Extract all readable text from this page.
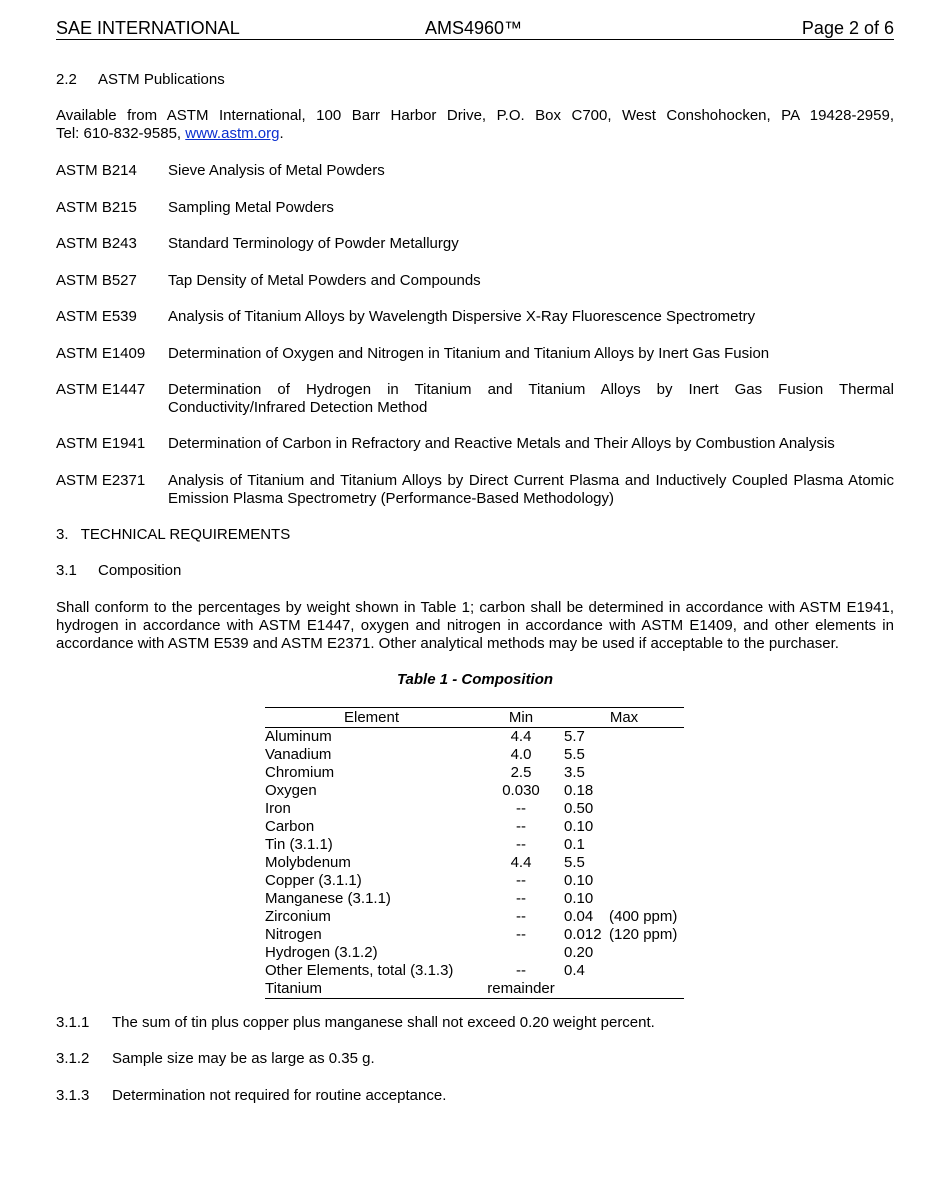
SAE INTERNATIONAL	AMS4960™	Page 2 of 6
2.2 ASTM Publications
Available from ASTM International, 100 Barr Harbor Drive, P.O. Box C700, West Conshohocken, PA 19428-2959,
Tel: 610-832-9585, www.astm.org.
ASTM B214 Sieve Analysis of Metal Powders
ASTM B215 Sampling Metal Powders
ASTM B243 Standard Terminology of Powder Metallurgy
ASTM B527 Tap Density of Metal Powders and Compounds
ASTM E539 Analysis of Titanium Alloys by Wavelength Dispersive X-Ray Fluorescence Spectrometry
ASTM E1409 Determination of Oxygen and Nitrogen in Titanium and Titanium Alloys by Inert Gas Fusion
ASTM E1447 Determination of Hydrogen in Titanium and Titanium Alloys by Inert Gas Fusion Thermal
Conductivity/Infrared Detection Method
ASTM E1941 Determination of Carbon in Refractory and Reactive Metals and Their Alloys by Combustion Analysis
ASTM E2371 Analysis of Titanium and Titanium Alloys by Direct Current Plasma and Inductively Coupled Plasma Atomic
Emission Plasma Spectrometry (Performance-Based Methodology)
3.   TECHNICAL REQUIREMENTS
3.1 Composition
Shall conform to the percentages by weight shown in Table 1; carbon shall be determined in accordance with ASTM E1941,
hydrogen in accordance with ASTM E1447, oxygen and nitrogen in accordance with ASTM E1409, and other elements in
accordance with ASTM E539 and ASTM E2371. Other analytical methods may be used if acceptable to the purchaser.
Table 1 - Composition
Element	Min	Max	
Aluminum	4.4	5.7	
Vanadium	4.0	5.5	
Chromium	2.5	3.5	
Oxygen	0.030	0.18	
Iron	--	0.50	
Carbon	--	0.10	
Tin (3.1.1)	--	0.1	
Molybdenum	4.4	5.5	
Copper (3.1.1)	--	0.10	
Manganese (3.1.1)	--	0.10	
Zirconium	--	0.04	(400 ppm)
Nitrogen	--	0.012	(120 ppm)
Hydrogen (3.1.2)		0.20	
Other Elements, total (3.1.3)	--	0.4	
Titanium	remainder		
3.1.1 The sum of tin plus copper plus manganese shall not exceed 0.20 weight percent.
3.1.2 Sample size may be as large as 0.35 g.
3.1.3 Determination not required for routine acceptance.
